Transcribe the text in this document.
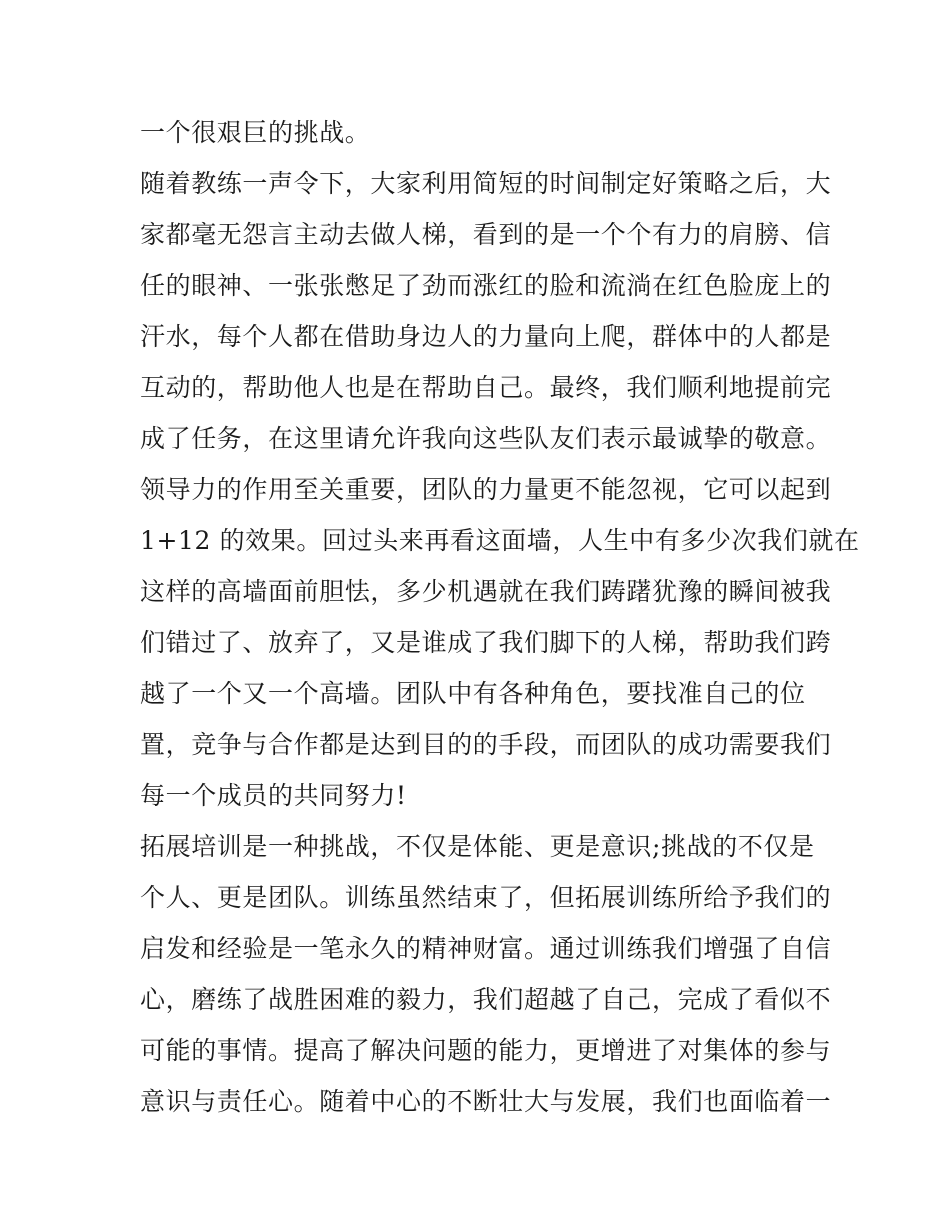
一个很艰巨的挑战。
随着教练一声令下，大家利用简短的时间制定好策略之后，大
家都毫无怨言主动去做人梯，看到的是一个个有力的肩膀、信
任的眼神、一张张憋足了劲而涨红的脸和流淌在红色脸庞上的
汗水，每个人都在借助身边人的力量向上爬，群体中的人都是
互动的，帮助他人也是在帮助自己。最终，我们顺利地提前完
成了任务，在这里请允许我向这些队友们表示最诚挚的敬意。
领导力的作用至关重要，团队的力量更不能忽视，它可以起到
1+12 的效果。回过头来再看这面墙，人生中有多少次我们就在
这样的高墙面前胆怯，多少机遇就在我们踌躇犹豫的瞬间被我
们错过了、放弃了，又是谁成了我们脚下的人梯，帮助我们跨
越了一个又一个高墙。团队中有各种角色，要找准自己的位
置，竞争与合作都是达到目的的手段，而团队的成功需要我们
每一个成员的共同努力!
拓展培训是一种挑战，不仅是体能、更是意识;挑战的不仅是
个人、更是团队。训练虽然结束了，但拓展训练所给予我们的
启发和经验是一笔永久的精神财富。通过训练我们增强了自信
心，磨练了战胜困难的毅力，我们超越了自己，完成了看似不
可能的事情。提高了解决问题的能力，更增进了对集体的参与
意识与责任心。随着中心的不断壮大与发展，我们也面临着一
